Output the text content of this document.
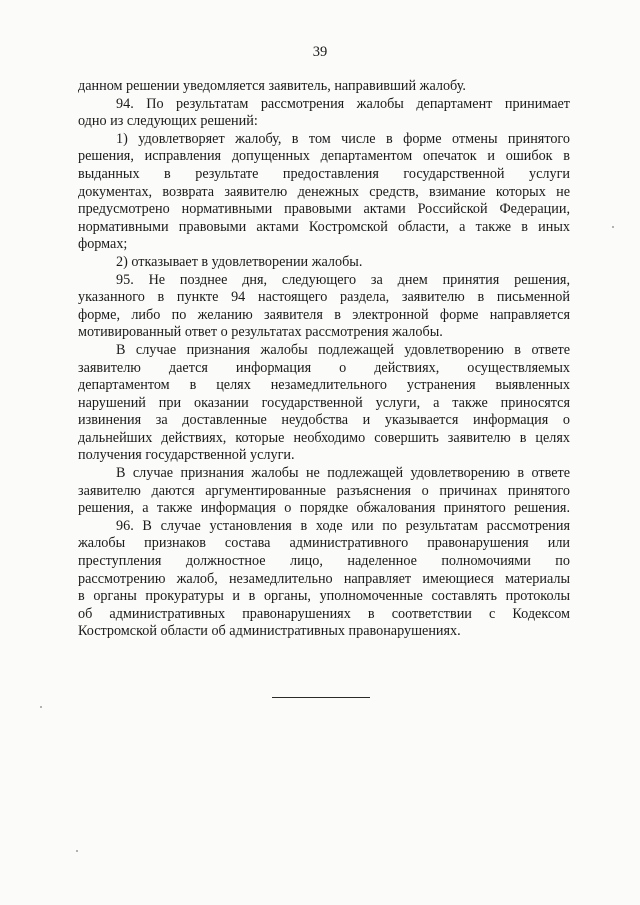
39
данном решении уведомляется заявитель, направивший жалобу.
94. По результатам рассмотрения жалобы департамент принимает
одно из следующих решений:
1) удовлетворяет жалобу, в том числе в форме отмены принятого
решения, исправления допущенных департаментом опечаток и ошибок в
выданных в результате предоставления государственной услуги
документах, возврата заявителю денежных средств, взимание которых не
предусмотрено нормативными правовыми актами Российской Федерации,
нормативными правовыми актами Костромской области, а также в иных
формах;
2) отказывает в удовлетворении жалобы.
95. Не позднее дня, следующего за днем принятия решения,
указанного в пункте 94 настоящего раздела, заявителю в письменной
форме, либо по желанию заявителя в электронной форме направляется
мотивированный ответ о результатах рассмотрения жалобы.
В случае признания жалобы подлежащей удовлетворению в ответе
заявителю дается информация о действиях, осуществляемых
департаментом в целях незамедлительного устранения выявленных
нарушений при оказании государственной услуги, а также приносятся
извинения за доставленные неудобства и указывается информация о
дальнейших действиях, которые необходимо совершить заявителю в целях
получения государственной услуги.
В случае признания жалобы не подлежащей удовлетворению в ответе
заявителю даются аргументированные разъяснения о причинах принятого
решения, а также информация о порядке обжалования принятого решения.
96. В случае установления в ходе или по результатам рассмотрения
жалобы признаков состава административного правонарушения или
преступления должностное лицо, наделенное полномочиями по
рассмотрению жалоб, незамедлительно направляет имеющиеся материалы
в органы прокуратуры и в органы, уполномоченные составлять протоколы
об административных правонарушениях в соответствии с Кодексом
Костромской области об административных правонарушениях.
